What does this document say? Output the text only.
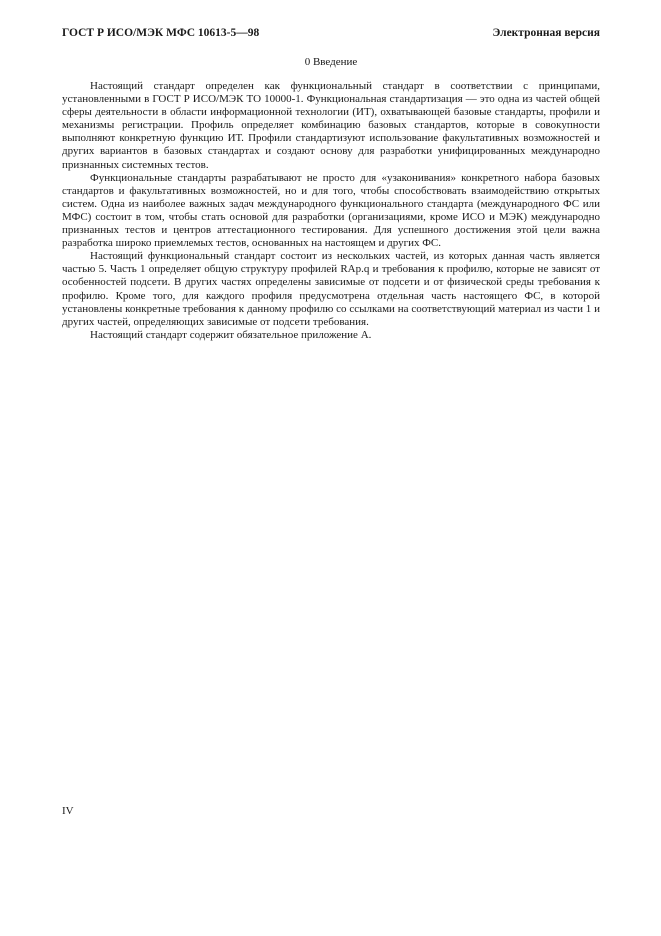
ГОСТ Р ИСО/МЭК МФС 10613-5—98	Электронная версия
0 Введение

Настоящий стандарт определен как функциональный стандарт в соответствии с принципами, установленными в ГОСТ Р ИСО/МЭК ТО 10000-1. Функциональная стандартизация — это одна из частей общей сферы деятельности в области информационной технологии (ИТ), охватывающей базовые стандарты, профили и механизмы регистрации. Профиль определяет комбинацию базовых стандартов, которые в совокупности выполняют конкретную функцию ИТ. Профили стандартизуют использование факультативных возможностей и других вариантов в базовых стандартах и создают основу для разработки унифицированных международно признанных системных тестов.

Функциональные стандарты разрабатывают не просто для «узаконивания» конкретного набора базовых стандартов и факультативных возможностей, но и для того, чтобы способствовать взаимодействию открытых систем. Одна из наиболее важных задач международного функционального стандарта (международного ФС или МФС) состоит в том, чтобы стать основой для разработки (организациями, кроме ИСО и МЭК) международно признанных тестов и центров аттестационного тестирования. Для успешного достижения этой цели важна разработка широко приемлемых тестов, основанных на настоящем и других ФС.

Настоящий функциональный стандарт состоит из нескольких частей, из которых данная часть является частью 5. Часть 1 определяет общую структуру профилей RAp.q и требования к профилю, которые не зависят от особенностей подсети. В других частях определены зависимые от подсети и от физической среды требования к профилю. Кроме того, для каждого профиля предусмотрена отдельная часть настоящего ФС, в которой установлены конкретные требования к данному профилю со ссылками на соответствующий материал из части 1 и других частей, определяющих зависимые от подсети требования.

Настоящий стандарт содержит обязательное приложение А.

IV
